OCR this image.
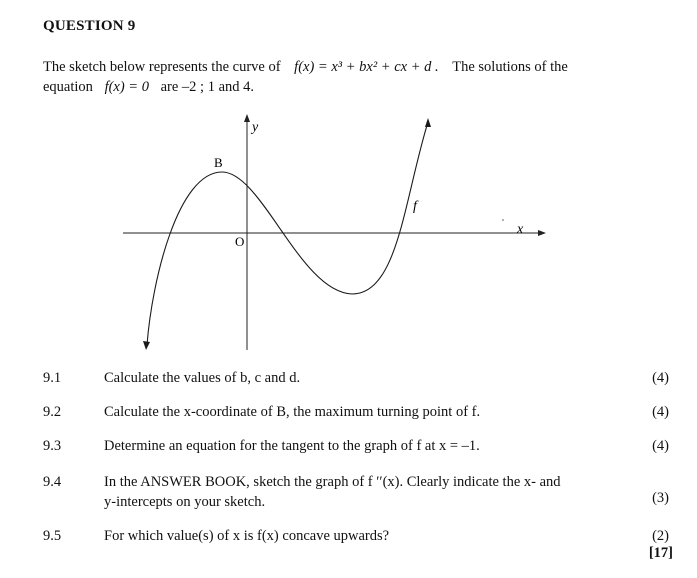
QUESTION 9
The sketch below represents the curve of f(x) = x³ + bx² + cx + d . The solutions of the
equation f(x) = 0 are –2 ; 1 and 4.
y
x
O
B
f
9.1	Calculate the values of b, c and d.	(4)
9.2	Calculate the x-coordinate of B, the maximum turning point of f.	(4)
9.3	Determine an equation for the tangent to the graph of f at x = –1.	(4)
9.4	In the ANSWER BOOK, sketch the graph of f ′′(x). Clearly indicate the x- and
y-intercepts on your sketch.	(3)
9.5	For which value(s) of x is f(x) concave upwards?	(2)
[17]
